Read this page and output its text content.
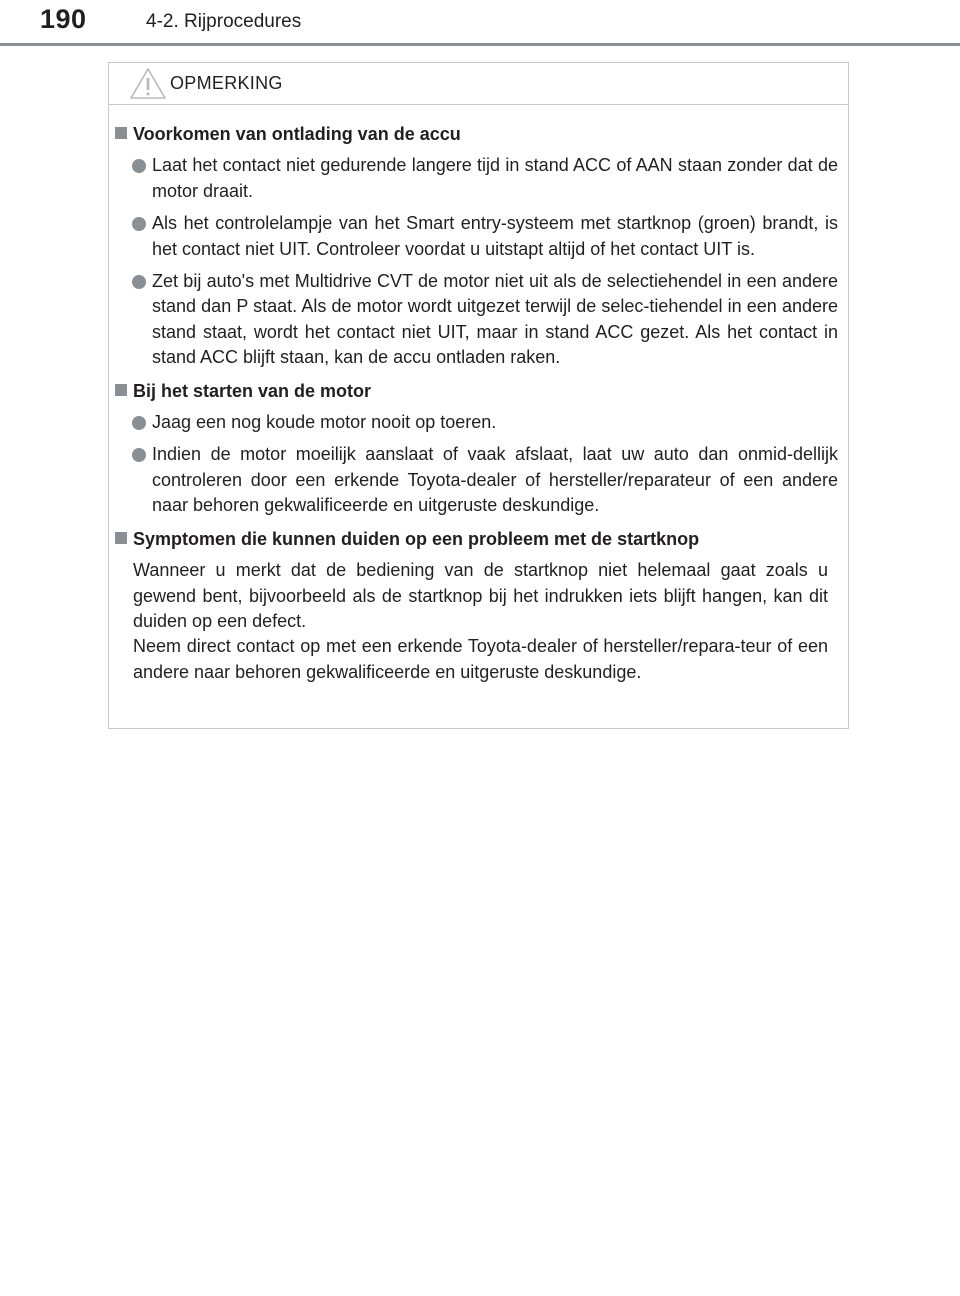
190	4-2. Rijprocedures
OPMERKING
Voorkomen van ontlading van de accu
Laat het contact niet gedurende langere tijd in stand ACC of AAN staan zonder dat de motor draait.
Als het controlelampje van het Smart entry-systeem met startknop (groen) brandt, is het contact niet UIT. Controleer voordat u uitstapt altijd of het contact UIT is.
Zet bij auto's met Multidrive CVT de motor niet uit als de selectiehendel in een andere stand dan P staat. Als de motor wordt uitgezet terwijl de selec-tiehendel in een andere stand staat, wordt het contact niet UIT, maar in stand ACC gezet. Als het contact in stand ACC blijft staan, kan de accu ontladen raken.
Bij het starten van de motor
Jaag een nog koude motor nooit op toeren.
Indien de motor moeilijk aanslaat of vaak afslaat, laat uw auto dan onmid-dellijk controleren door een erkende Toyota-dealer of hersteller/reparateur of een andere naar behoren gekwalificeerde en uitgeruste deskundige.
Symptomen die kunnen duiden op een probleem met de startknop
Wanneer u merkt dat de bediening van de startknop niet helemaal gaat zoals u gewend bent, bijvoorbeeld als de startknop bij het indrukken iets blijft hangen, kan dit duiden op een defect.
Neem direct contact op met een erkende Toyota-dealer of hersteller/repara-teur of een andere naar behoren gekwalificeerde en uitgeruste deskundige.
